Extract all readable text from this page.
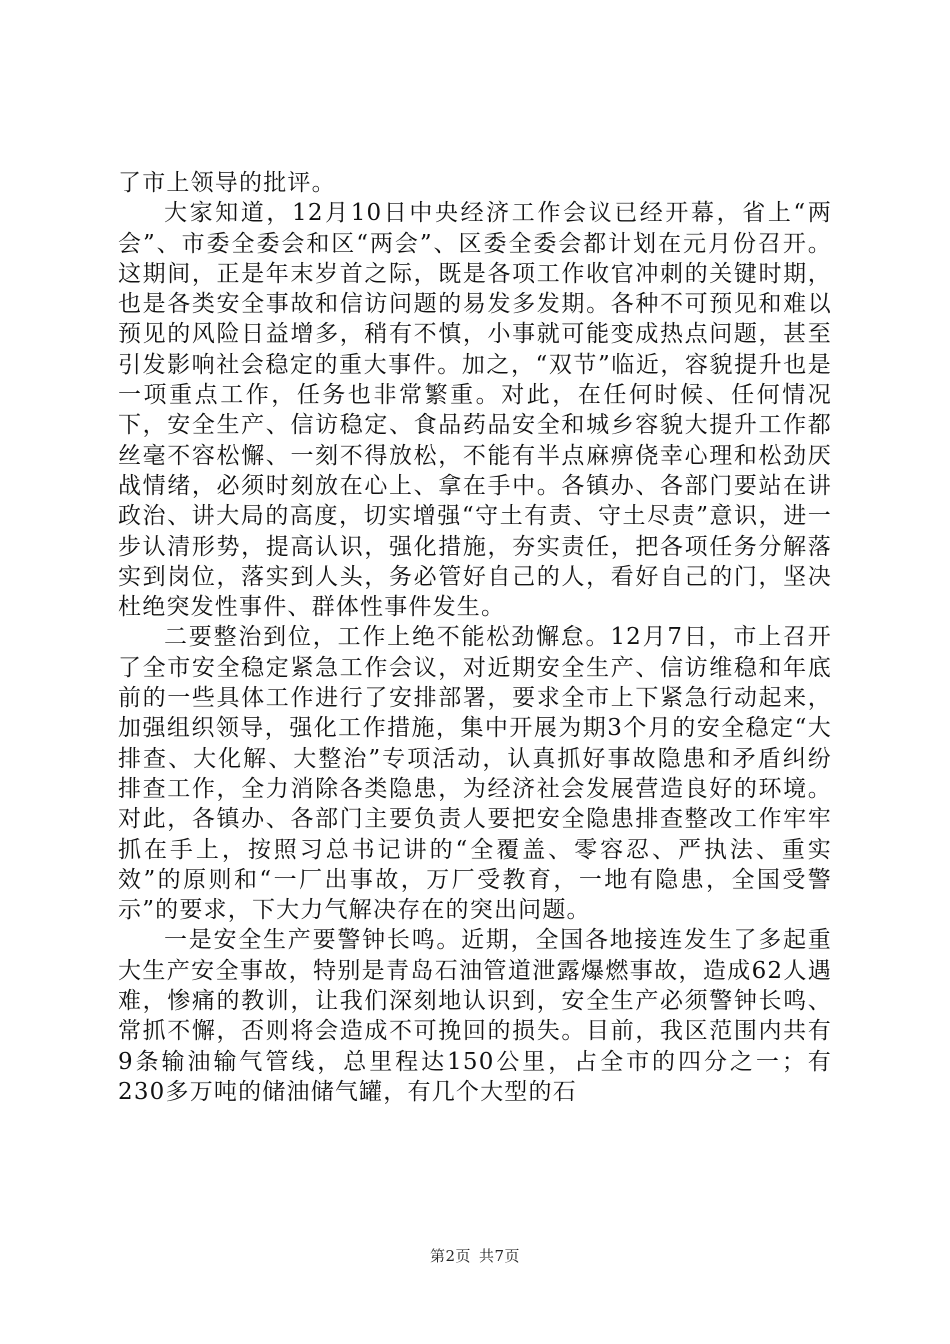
了市上领导的批评。

大家知道，12月10日中央经济工作会议已经开幕，省上“两会”、市委全委会和区“两会”、区委全委会都计划在元月份召开。这期间，正是年末岁首之际，既是各项工作收官冲刺的关键时期，也是各类安全事故和信访问题的易发多发期。各种不可预见和难以预见的风险日益增多，稍有不慎，小事就可能变成热点问题，甚至引发影响社会稳定的重大事件。加之，“双节”临近，容貌提升也是一项重点工作，任务也非常繁重。对此，在任何时候、任何情况下，安全生产、信访稳定、食品药品安全和城乡容貌大提升工作都丝毫不容松懈、一刻不得放松，不能有半点麻痹侥幸心理和松劲厌战情绪，必须时刻放在心上、拿在手中。各镇办、各部门要站在讲政治、讲大局的高度，切实增强“守土有责、守土尽责”意识，进一步认清形势，提高认识，强化措施，夯实责任，把各项任务分解落实到岗位，落实到人头，务必管好自己的人，看好自己的门，坚决杜绝突发性事件、群体性事件发生。

二要整治到位，工作上绝不能松劲懈怠。12月7日，市上召开了全市安全稳定紧急工作会议，对近期安全生产、信访维稳和年底前的一些具体工作进行了安排部署，要求全市上下紧急行动起来，加强组织领导，强化工作措施，集中开展为期3个月的安全稳定“大排查、大化解、大整治”专项活动，认真抓好事故隐患和矛盾纠纷排查工作，全力消除各类隐患，为经济社会发展营造良好的环境。对此，各镇办、各部门主要负责人要把安全隐患排查整改工作牢牢抓在手上，按照习总书记讲的“全覆盖、零容忍、严执法、重实效”的原则和“一厂出事故，万厂受教育，一地有隐患，全国受警示”的要求，下大力气解决存在的突出问题。

一是安全生产要警钟长鸣。近期，全国各地接连发生了多起重大生产安全事故，特别是青岛石油管道泄露爆燃事故，造成62人遇难，惨痛的教训，让我们深刻地认识到，安全生产必须警钟长鸣、常抓不懈，否则将会造成不可挽回的损失。目前，我区范围内共有9条输油输气管线，总里程达150公里，占全市的四分之一；有230多万吨的储油储气罐，有几个大型的石

第2页 共7页
